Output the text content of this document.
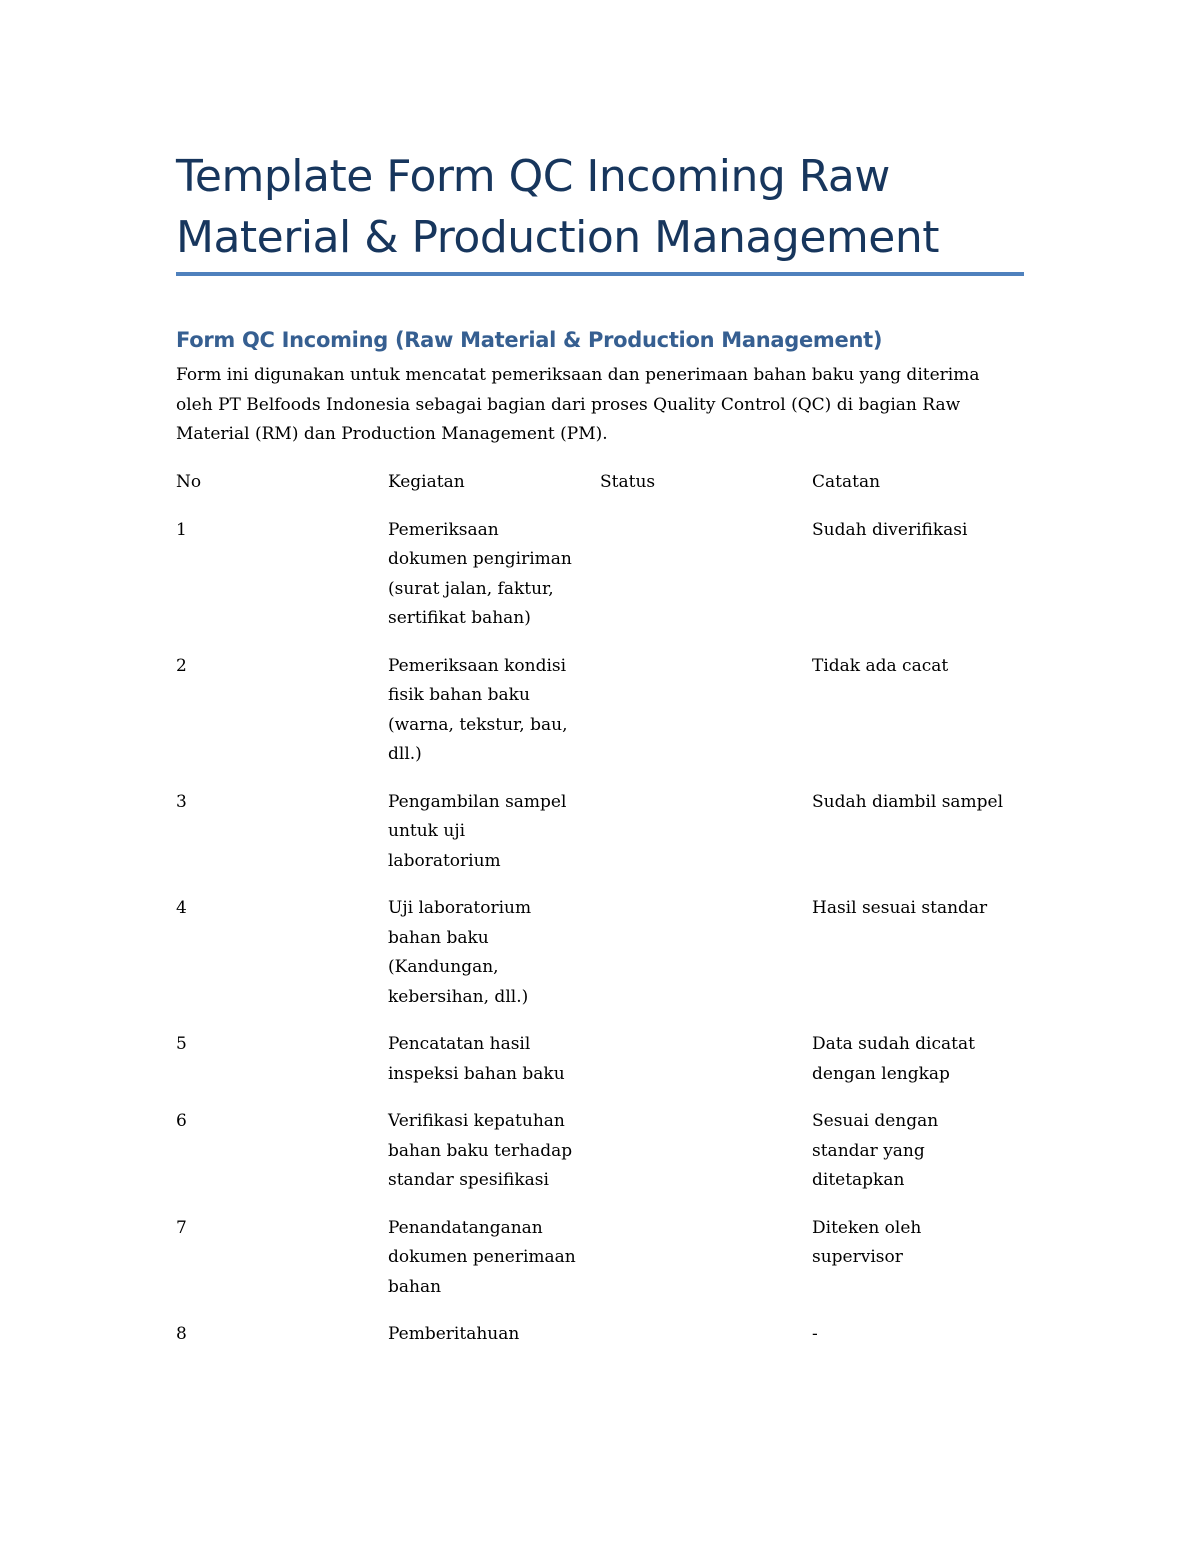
Template Form QC Incoming Raw Material & Production Management
Form QC Incoming (Raw Material & Production Management)

Form ini digunakan untuk mencatat pemeriksaan dan penerimaan bahan baku yang diterima oleh PT Belfoods Indonesia sebagai bagian dari proses Quality Control (QC) di bagian Raw Material (RM) dan Production Management (PM).

No	Kegiatan	Status	Catatan
1	Pemeriksaan dokumen pengiriman (surat jalan, faktur, sertifikat bahan)		Sudah diverifikasi
2	Pemeriksaan kondisi fisik bahan baku (warna, tekstur, bau, dll.)		Tidak ada cacat
3	Pengambilan sampel untuk uji laboratorium		Sudah diambil sampel
4	Uji laboratorium bahan baku (Kandungan, kebersihan, dll.)		Hasil sesuai standar
5	Pencatatan hasil inspeksi bahan baku		Data sudah dicatat dengan lengkap
6	Verifikasi kepatuhan bahan baku terhadap standar spesifikasi		Sesuai dengan standar yang ditetapkan
7	Penandatanganan dokumen penerimaan bahan		Diteken oleh supervisor
8	Pemberitahuan		-
